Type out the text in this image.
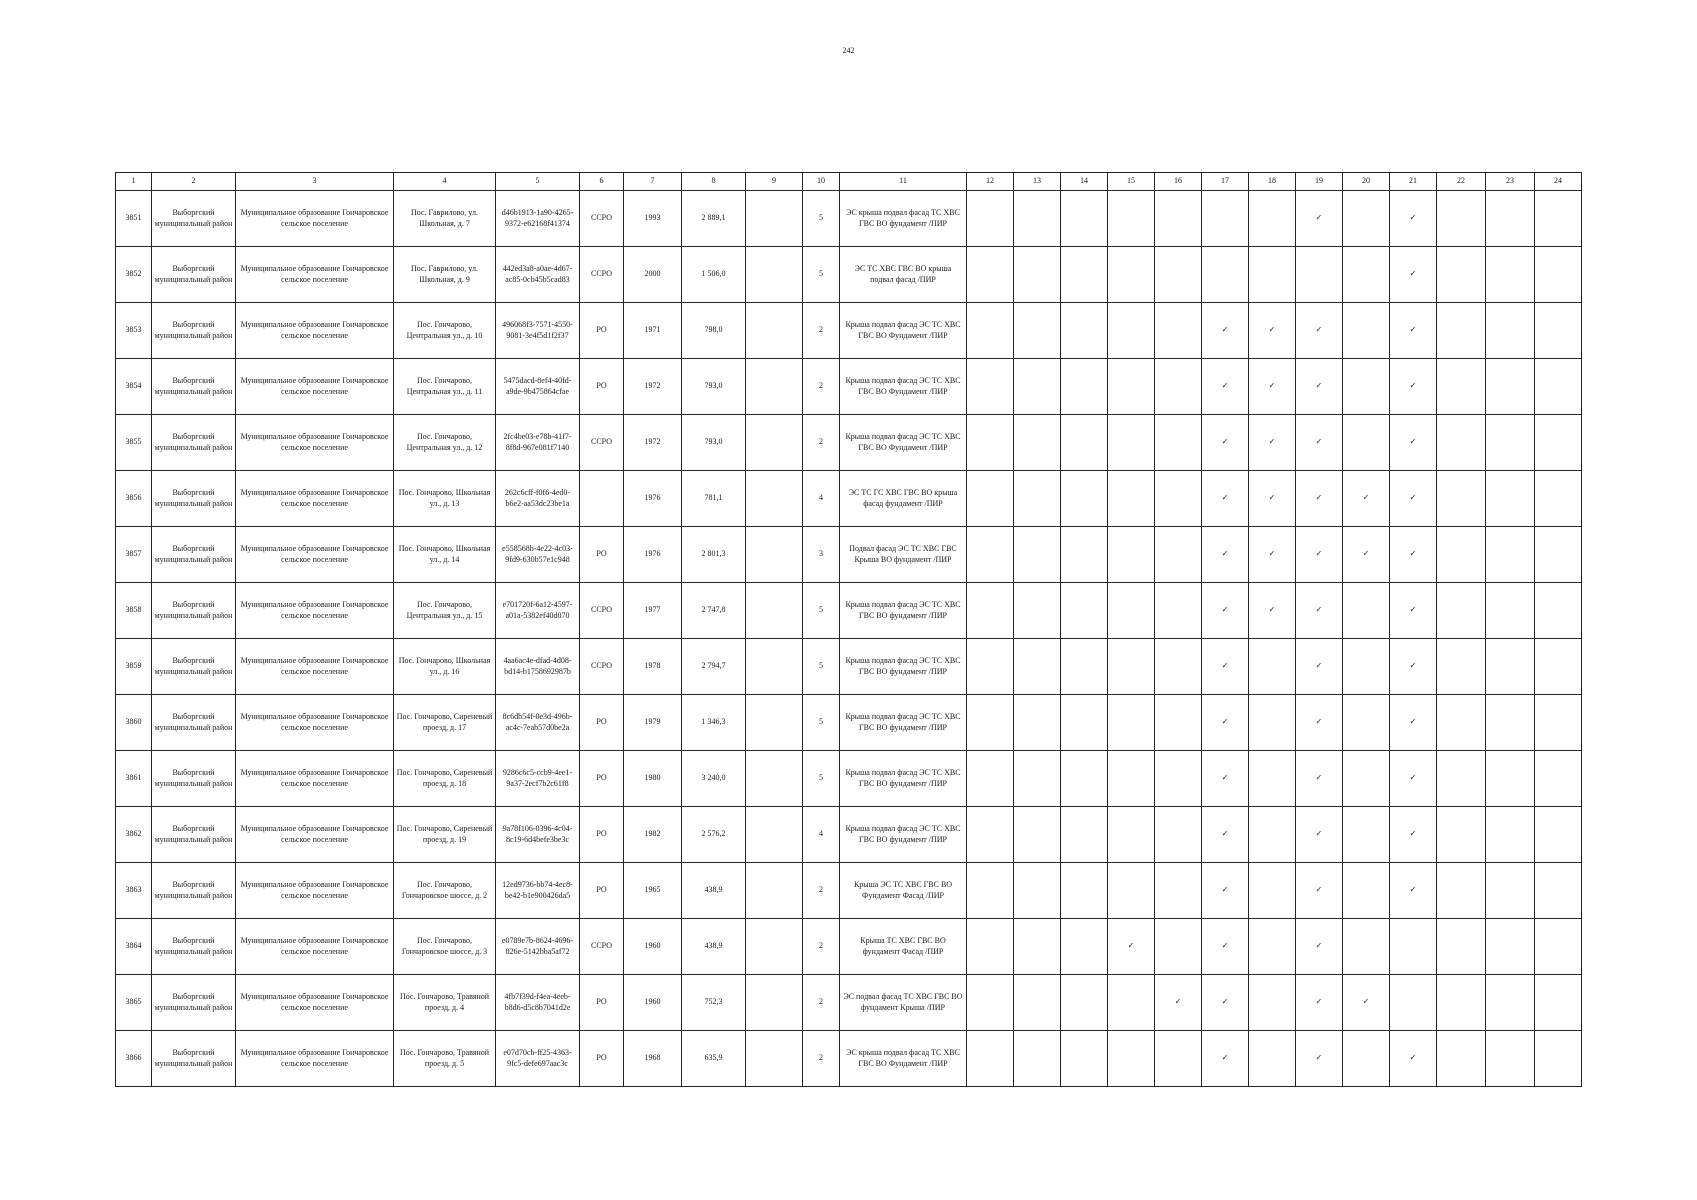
242
1	2	3	4	5	6	7	8	9	10	11	12	13	14	15	16	17	18	19	20	21	22	23	24
3851	Выборгский муниципальный район	Муниципальное образование Гончаровское сельское поселение	Пос. Гаврилово, ул. Школьная, д. 7	d46b1913-1a90-4265-9372-e62168f41374	ССРО	1993	2 889,1		5	ЭС крыша подвал фасад ТС ХВС ГВС ВО фундамент /ПИР								✓		✓			
3852	Выборгский муниципальный район	Муниципальное образование Гончаровское сельское поселение	Пос. Гаврилово, ул. Школьная, д. 9	442ed3a8-a0ae-4d67-ac85-0cb45b5cad83	ССРО	2000	1 506,0		5	ЭС ТС ХВС ГВС ВО крыша подвал фасад /ПИР										✓			
3853	Выборгский муниципальный район	Муниципальное образование Гончаровское сельское поселение	Пос. Гончарово, Центральная ул., д. 10	496068f3-7571-4550-9081-3e4f5d1f2f37	РО	1971	798,0		2	Крыша подвал фасад ЭС ТС ХВС ГВС ВО Фундамент /ПИР						✓	✓	✓		✓			
3854	Выборгский муниципальный район	Муниципальное образование Гончаровское сельское поселение	Пос. Гончарово, Центральная ул., д. 11	5475dacd-8ef4-40fd-a9de-9b475864cfae	РО	1972	793,0		2	Крыша подвал фасад ЭС ТС ХВС ГВС ВО Фундамент /ПИР						✓	✓	✓		✓			
3855	Выборгский муниципальный район	Муниципальное образование Гончаровское сельское поселение	Пос. Гончарово, Центральная ул., д. 12	2fc4be03-e78b-41f7-8f8d-967e081f7140	ССРО	1972	793,0		2	Крыша подвал фасад ЭС ТС ХВС ГВС ВО Фундамент /ПИР						✓	✓	✓		✓			
3856	Выборгский муниципальный район	Муниципальное образование Гончаровское сельское поселение	Пос. Гончарово, Школьная ул., д. 13	262c6cff-f0f6-4ed0-b6e2-aa53dc23be1a		1976	781,1		4	ЭС ТС ГС ХВС ГВС ВО крыша фасад фундамент /ПИР						✓	✓	✓	✓	✓			
3857	Выборгский муниципальный район	Муниципальное образование Гончаровское сельское поселение	Пос. Гончарово, Школьная ул., д. 14	e558568b-4e22-4c03-9fd9-630b57e1c948	РО	1976	2 801,3		3	Подвал фасад ЭС ТС ХВС ГВС Крыша ВО фундамент /ПИР						✓	✓	✓	✓	✓			
3858	Выборгский муниципальный район	Муниципальное образование Гончаровское сельское поселение	Пос. Гончарово, Центральная ул., д. 15	e701720f-6a12-4597-a01a-5382ef40d070	ССРО	1977	2 747,8		5	Крыша подвал фасад ЭС ТС ХВС ГВС ВО фундамент /ПИР						✓	✓	✓		✓			
3859	Выборгский муниципальный район	Муниципальное образование Гончаровское сельское поселение	Пос. Гончарово, Школьная ул., д. 16	4aa6ac4e-dfad-4d08-bd14-b1758692987b	ССРО	1978	2 794,7		5	Крыша подвал фасад ЭС ТС ХВС ГВС ВО фундамент /ПИР						✓		✓		✓			
3860	Выборгский муниципальный район	Муниципальное образование Гончаровское сельское поселение	Пос. Гончарово, Сиреневый проезд, д. 17	8c6db54f-0e3d-496b-ac4c-7eab57d0be2a	РО	1979	1 346,3		5	Крыша подвал фасад ЭС ТС ХВС ГВС ВО фундамент /ПИР						✓		✓		✓			
3861	Выборгский муниципальный район	Муниципальное образование Гончаровское сельское поселение	Пос. Гончарово, Сиреневый проезд, д. 18	9286c6c5-ccb9-4ee1-9a37-2ecf7b2c61f8	РО	1980	3 240,0		5	Крыша подвал фасад ЭС ТС ХВС ГВС ВО фундамент /ПИР						✓		✓		✓			
3862	Выборгский муниципальный район	Муниципальное образование Гончаровское сельское поселение	Пос. Гончарово, Сиреневый проезд, д. 19	9a78f106-0396-4c04-8c19-6d4befe3be3c	РО	1982	2 576,2		4	Крыша подвал фасад ЭС ТС ХВС ГВС ВО фундамент /ПИР						✓		✓		✓			
3863	Выборгский муниципальный район	Муниципальное образование Гончаровское сельское поселение	Пос. Гончарово, Гончаровское шоссе, д. 2	12ed9736-bb74-4ec8-be42-b1e900426da5	РО	1965	438,9		2	Крыша ЭС ТС ХВС ГВС ВО Фундамент Фасад /ПИР						✓		✓		✓			
3864	Выборгский муниципальный район	Муниципальное образование Гончаровское сельское поселение	Пос. Гончарово, Гончаровское шоссе, д. 3	e0789e7b-8624-4696-826e-5142bba5af72	ССРО	1960	438,9		2	Крыша ТС ХВС ГВС ВО фундамент Фасад /ПИР				✓		✓		✓					
3865	Выборгский муниципальный район	Муниципальное образование Гончаровское сельское поселение	Пос. Гончарово, Травяной проезд, д. 4	4fb7f39d-f4ea-4eeb-b8d6-d5c8b7041d2e	РО	1960	752,3		2	ЭС подвал фасад ТС ХВС ГВС ВО фундамент Крыша /ПИР					✓	✓		✓	✓				
3866	Выборгский муниципальный район	Муниципальное образование Гончаровское сельское поселение	Пос. Гончарово, Травяной проезд, д. 5	e07d70cb-ff25-4363-9fc5-defe697aac3c	РО	1968	635,9		2	ЭС крыша подвал фасад ТС ХВС ГВС ВО Фундамент /ПИР						✓		✓		✓			
